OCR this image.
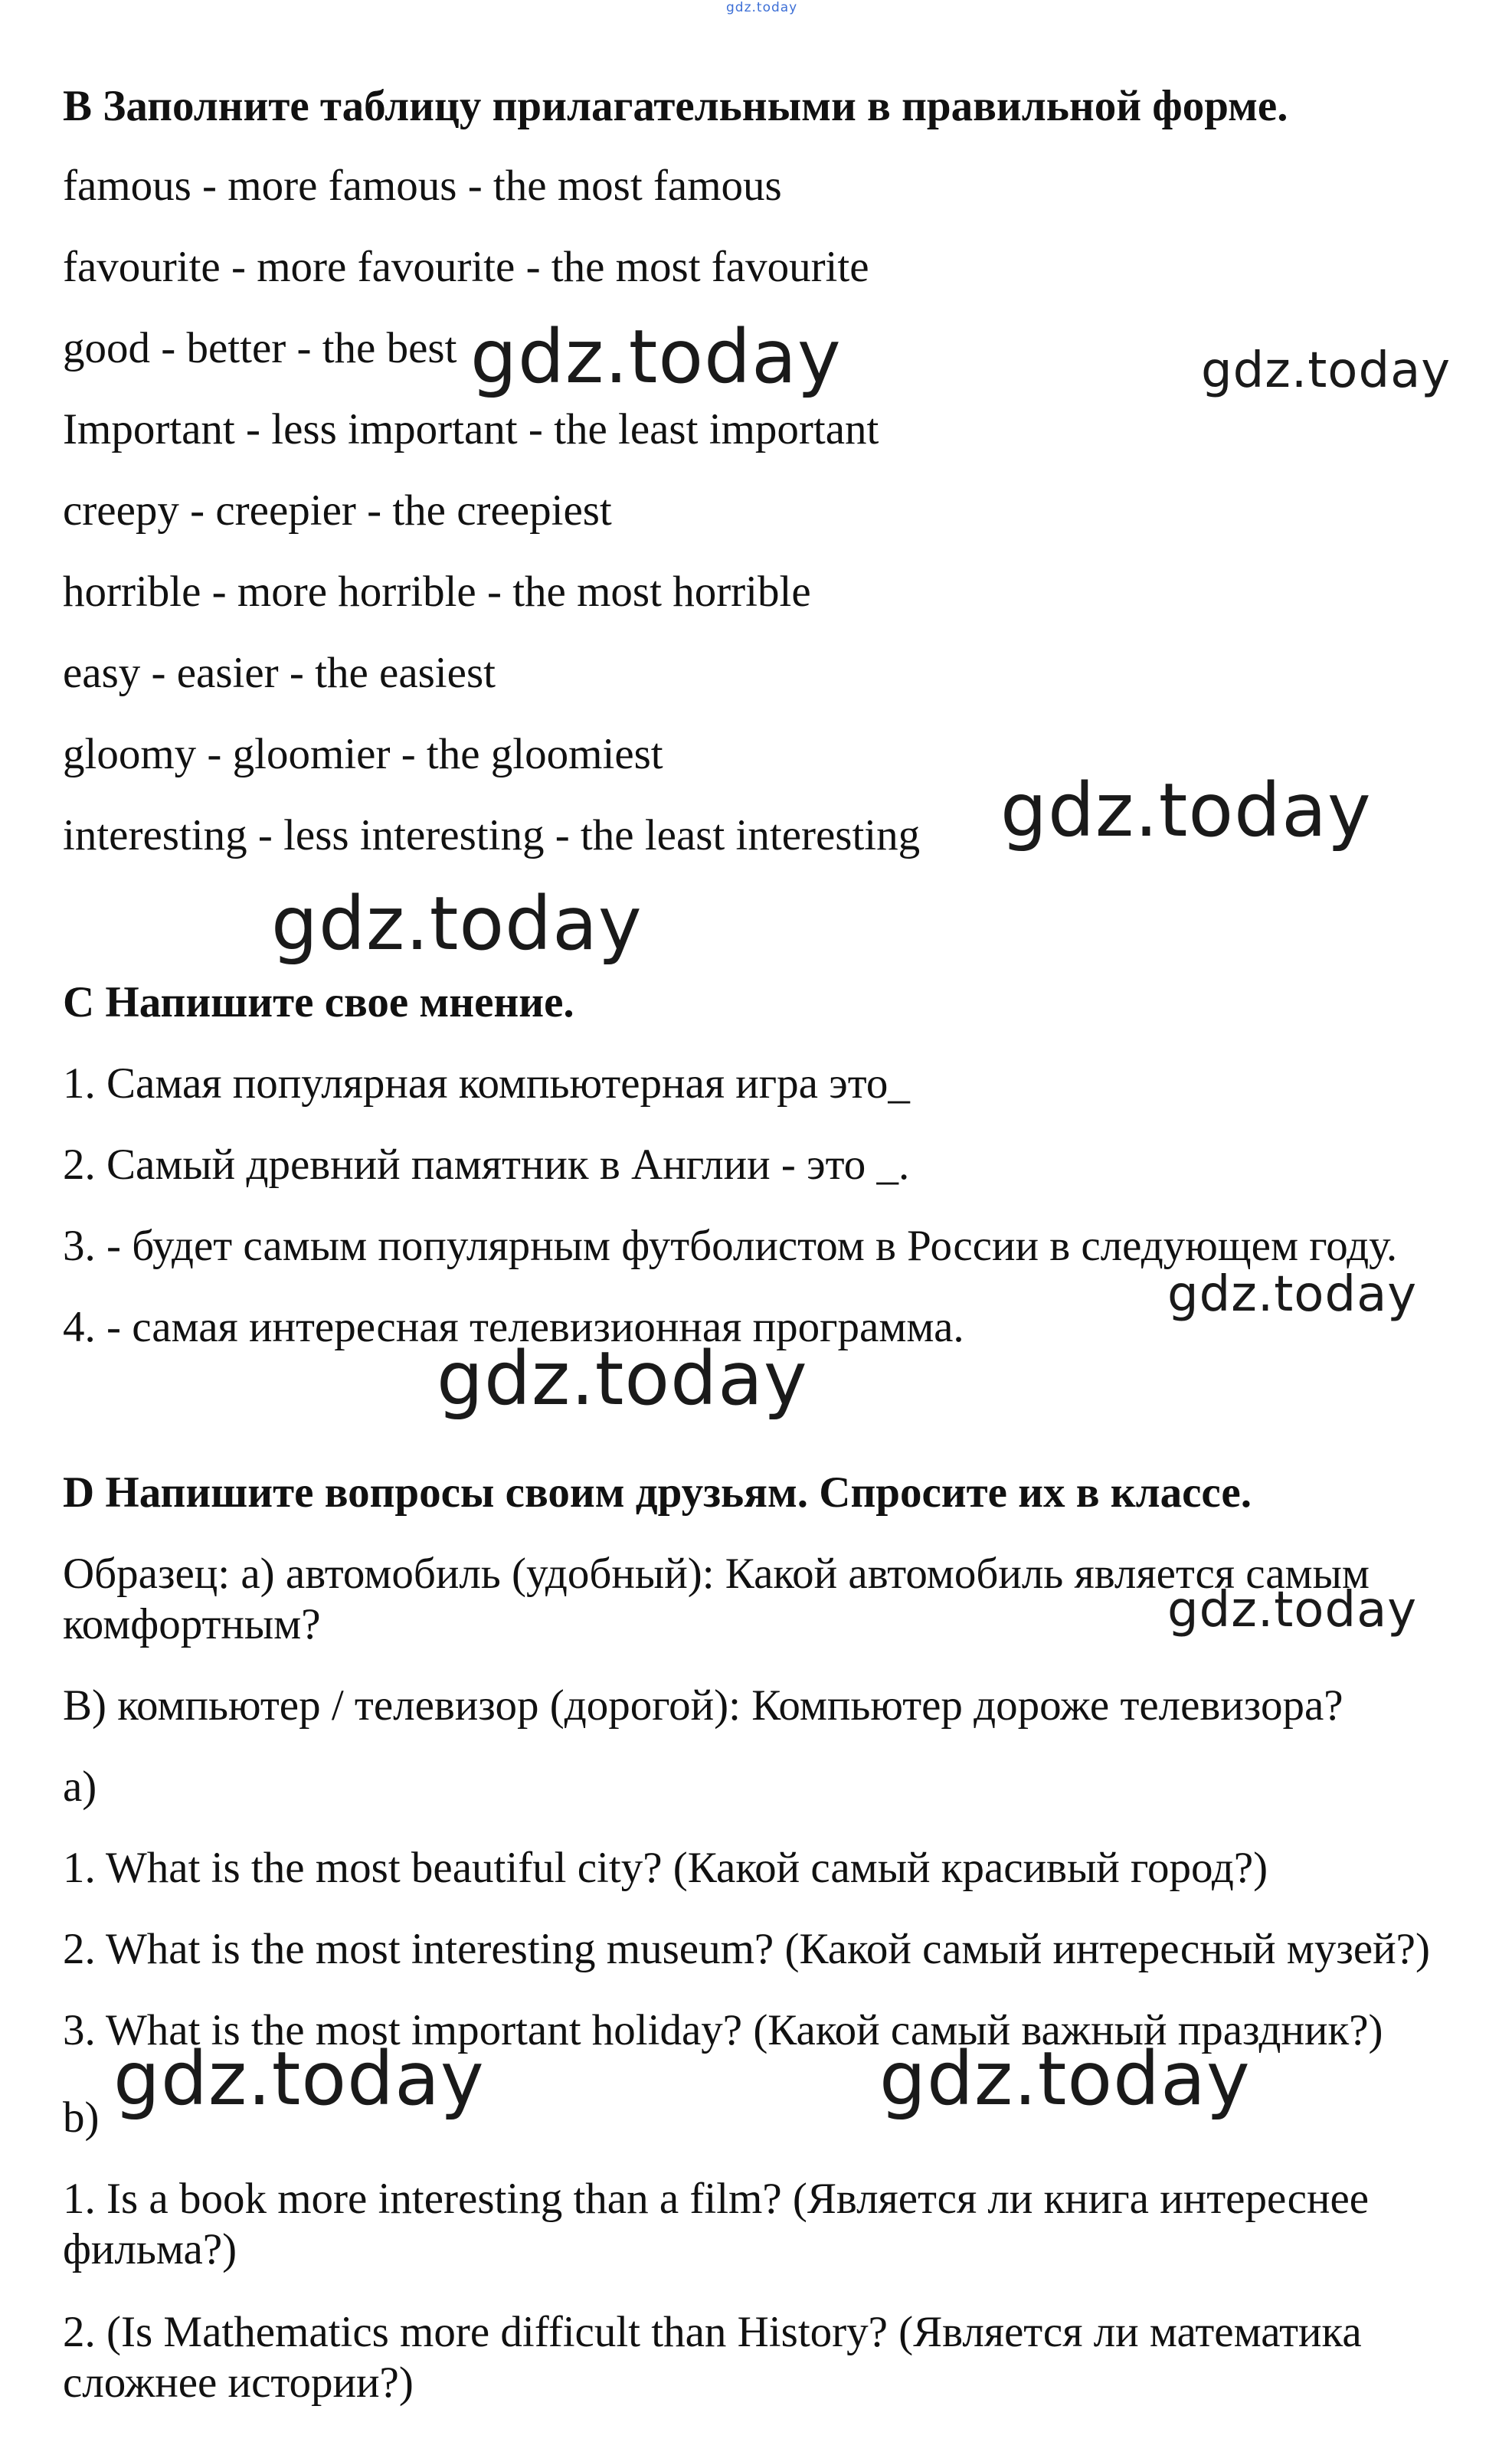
gdz.today
B Заполните таблицу прилагательными в правильной форме.
famous - more famous - the most famous
favourite - more favourite - the most favourite
good - better - the best
Important - less important - the least important
creepy - creepier - the creepiest
horrible - more horrible - the most horrible
easy - easier - the easiest
gloomy - gloomier - the gloomiest
interesting - less interesting - the least interesting
C Напишите свое мнение.
1. Самая популярная компьютерная игра это_
2. Самый древний памятник в Англии - это _.
3. - будет самым популярным футболистом в России в следующем году.
4. - самая интересная телевизионная программа.
D Напишите вопросы своим друзьям. Спросите их в классе.
Образец: а) автомобиль (удобный): Какой автомобиль является самым
комфортным?
B) компьютер / телевизор (дорогой): Компьютер дороже телевизора?
a)
1. What is the most beautiful city? (Какой самый красивый город?)
2. What is the most interesting museum? (Какой самый интересный музей?)
3. What is the most important holiday? (Какой самый важный праздник?)
b)
1. Is a book more interesting than a film? (Является ли книга интереснее
фильма?)
2. (Is Mathematics more difficult than History? (Является ли математика
сложнее истории?)
gdz.today	gdz.today
gdz.today
gdz.today
gdz.today
gdz.today
gdz.today
gdz.today	gdz.today
